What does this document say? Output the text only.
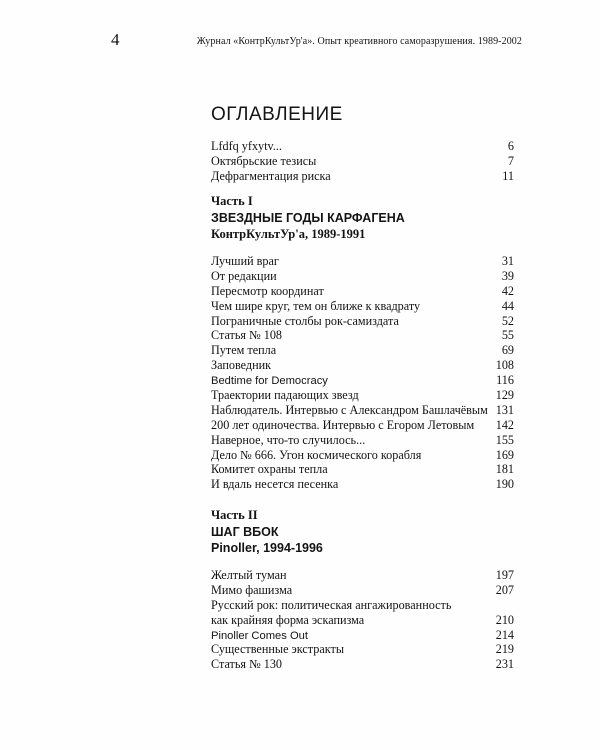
4	Журнал «КонтрКультУр'а». Опыт креативного саморазрушения. 1989-2002
ОГЛАВЛЕНИЕ
Lfdfq yfxytv...	6
Октябрьские тезисы	7
Дефрагментация риска	11
Часть I
ЗВЕЗДНЫЕ ГОДЫ КАРФАГЕНА
КонтрКультУр'а, 1989-1991
Лучший враг	31
От редакции	39
Пересмотр координат	42
Чем шире круг, тем он ближе к квадрату	44
Пограничные столбы рок-самиздата	52
Статья № 108	55
Путем тепла	69
Заповедник	108
Bedtime for Democracy	116
Траектории падающих звезд	129
Наблюдатель. Интервью с Александром Башлачёвым 131
200 лет одиночества. Интервью с Егором Летовым 142
Наверное, что-то случилось...	155
Дело № 666. Угон космического корабля	169
Комитет охраны тепла	181
И вдаль несется песенка	190
Часть II
ШАГ ВБОК
Pinoller, 1994-1996
Желтый туман	197
Мимо фашизма	207
Русский рок: политическая ангажированность
как крайняя форма эскапизма	210
Pinoller Comes Out	214
Существенные экстракты	219
Статья № 130	231
